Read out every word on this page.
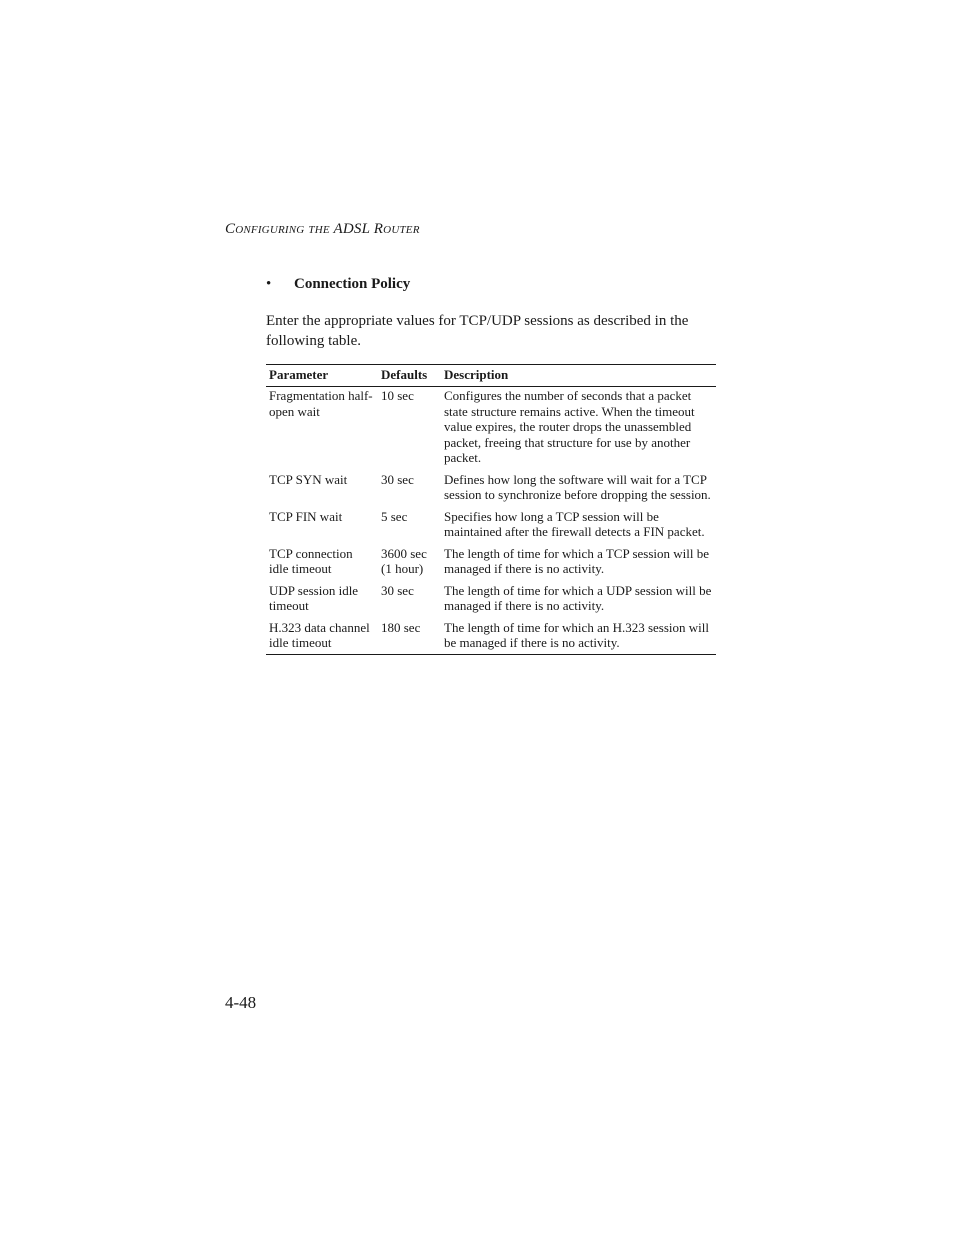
CONFIGURING THE ADSL ROUTER
• Connection Policy
Enter the appropriate values for TCP/UDP sessions as described in the following table.
Parameter	Defaults	Description
Fragmentation half-open wait	10 sec	Configures the number of seconds that a packet state structure remains active. When the timeout value expires, the router drops the unassembled packet, freeing that structure for use by another packet.
TCP SYN wait	30 sec	Defines how long the software will wait for a TCP session to synchronize before dropping the session.
TCP FIN wait	5 sec	Specifies how long a TCP session will be maintained after the firewall detects a FIN packet.
TCP connection idle timeout	3600 sec (1 hour)	The length of time for which a TCP session will be managed if there is no activity.
UDP session idle timeout	30 sec	The length of time for which a UDP session will be managed if there is no activity.
H.323 data channel idle timeout	180 sec	The length of time for which an H.323 session will be managed if there is no activity.
4-48
